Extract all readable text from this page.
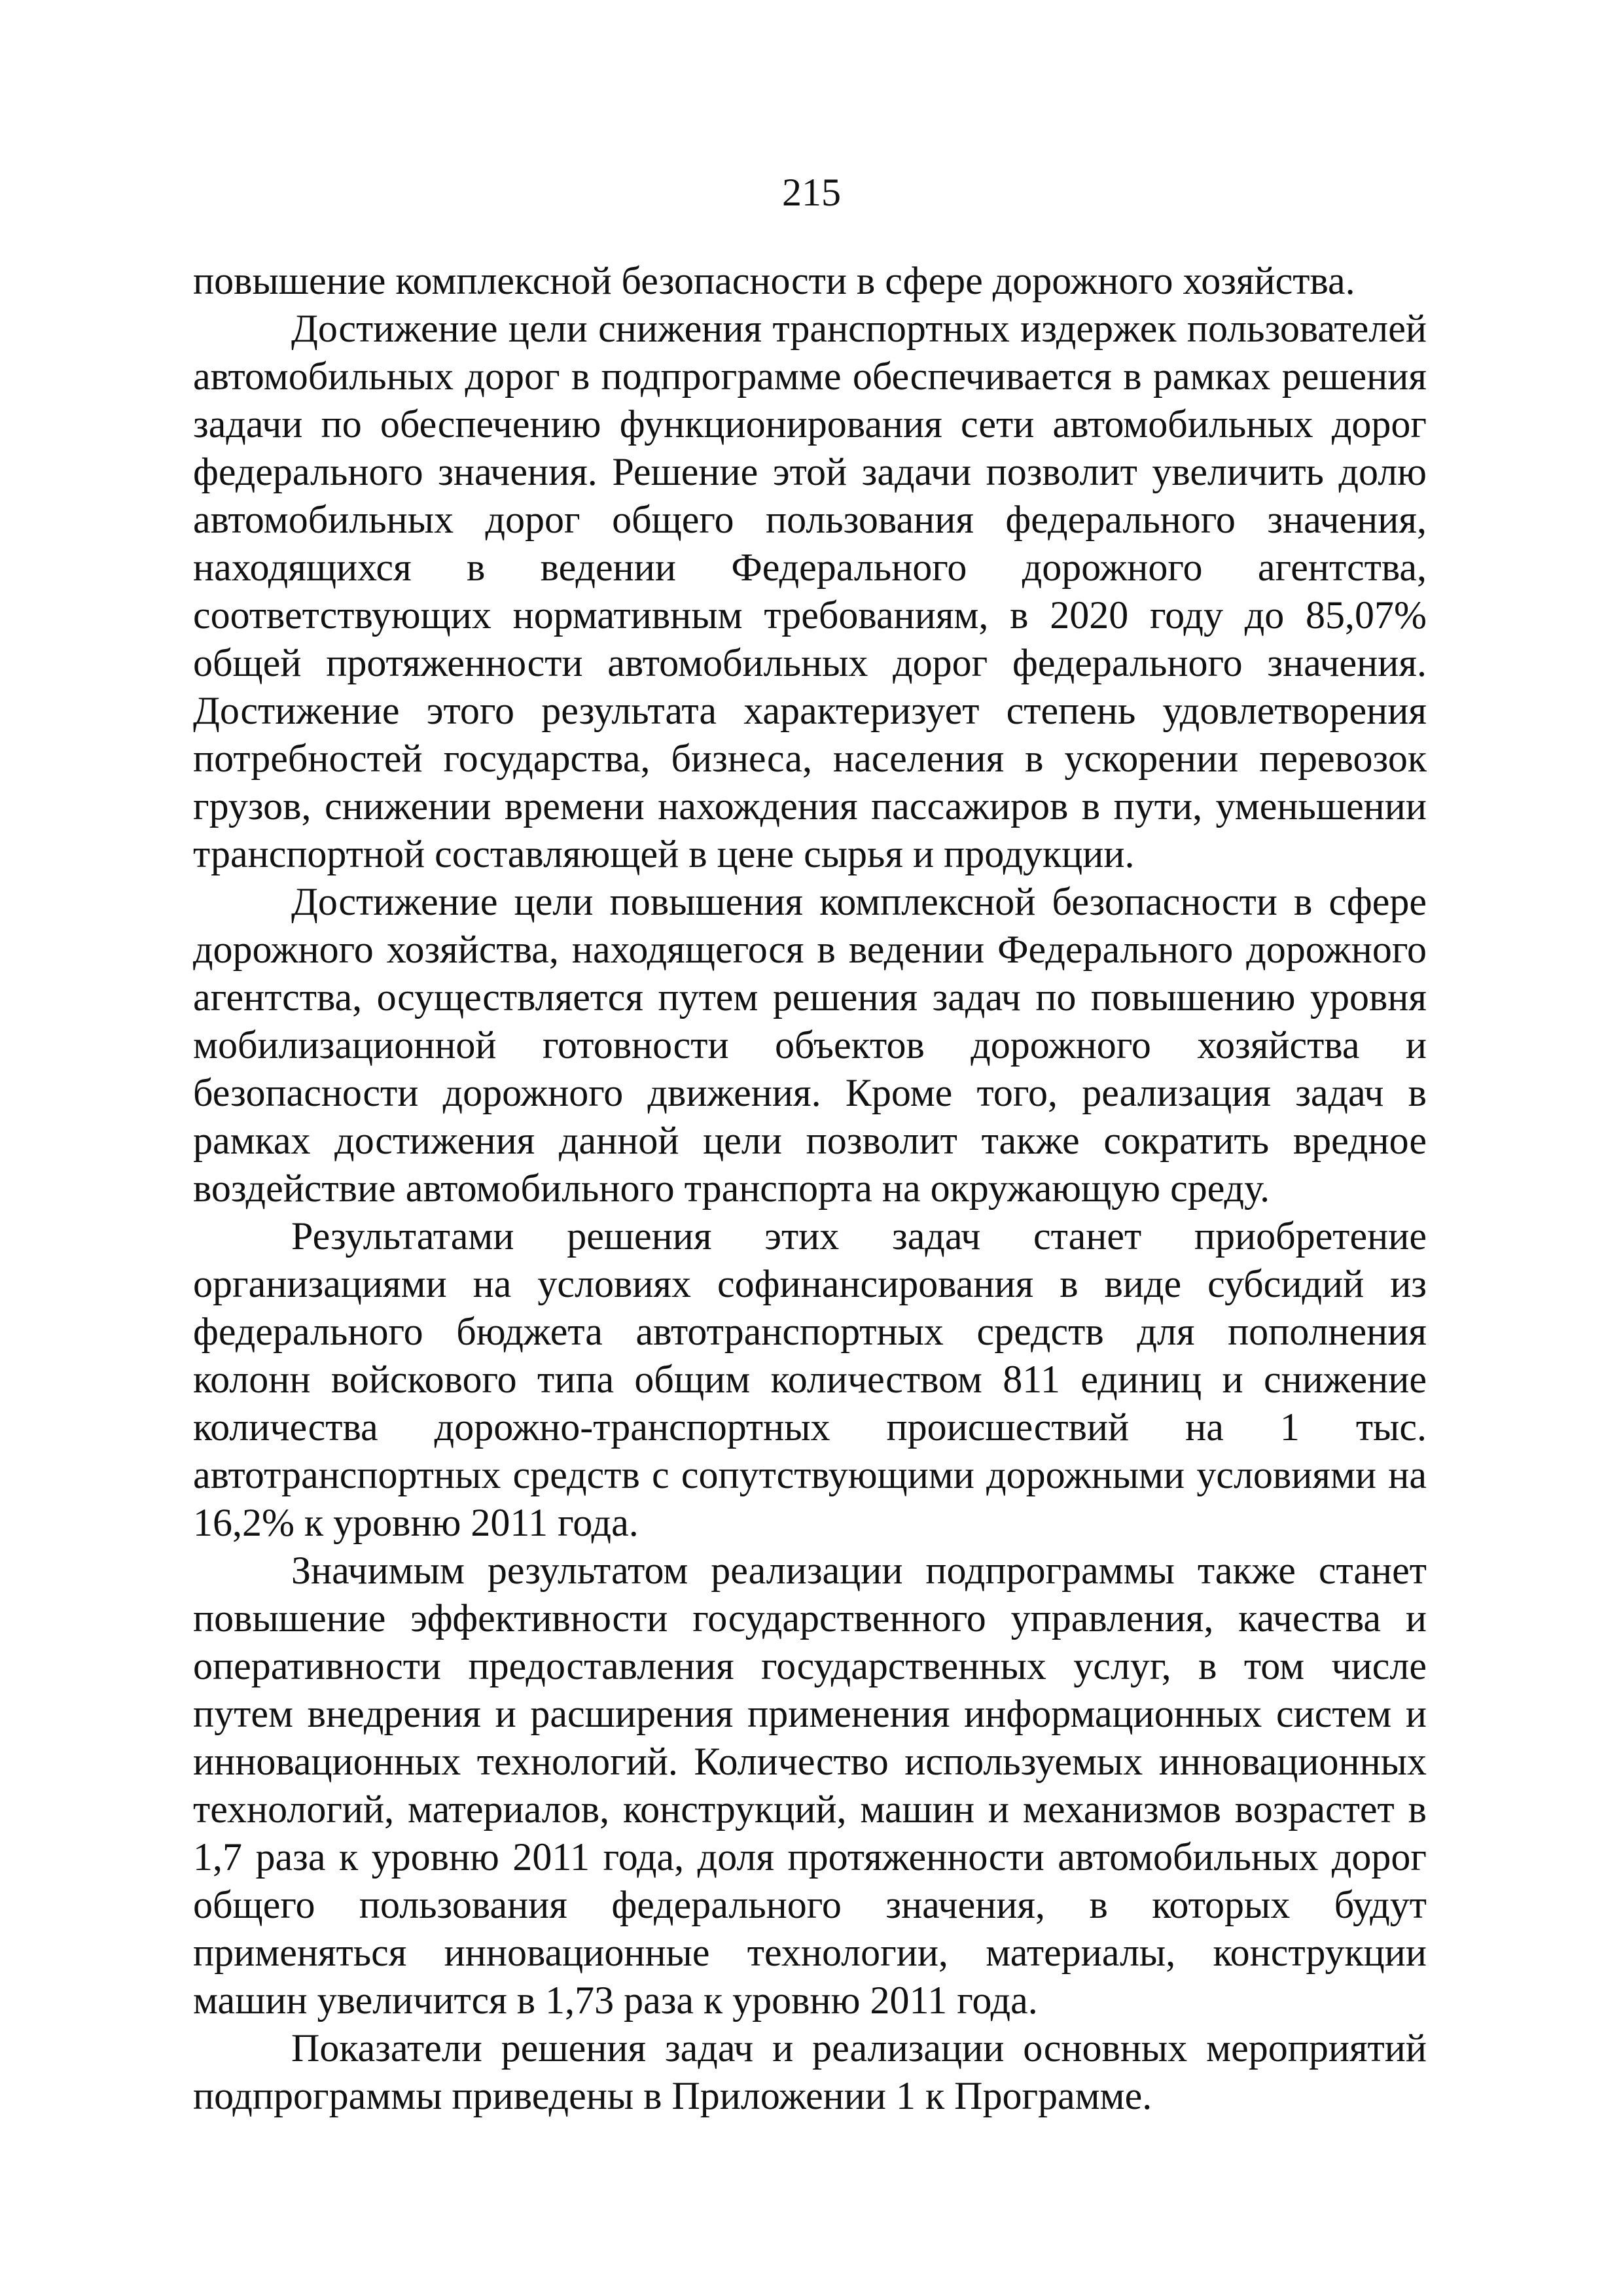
215

повышение комплексной безопасности в сфере дорожного хозяйства.

Достижение цели снижения транспортных издержек пользователей автомобильных дорог в подпрограмме обеспечивается в рамках решения задачи по обеспечению функционирования сети автомобильных дорог федерального значения. Решение этой задачи позволит увеличить долю автомобильных дорог общего пользования федерального значения, находящихся в ведении Федерального дорожного агентства, соответствующих нормативным требованиям, в 2020 году до 85,07% общей протяженности автомобильных дорог федерального значения. Достижение этого результата характеризует степень удовлетворения потребностей государства, бизнеса, населения в ускорении перевозок грузов, снижении времени нахождения пассажиров в пути, уменьшении транспортной составляющей в цене сырья и продукции.

Достижение цели повышения комплексной безопасности в сфере дорожного хозяйства, находящегося в ведении Федерального дорожного агентства, осуществляется путем решения задач по повышению уровня мобилизационной готовности объектов дорожного хозяйства и безопасности дорожного движения. Кроме того, реализация задач в рамках достижения данной цели позволит также сократить вредное воздействие автомобильного транспорта на окружающую среду.

Результатами решения этих задач станет приобретение организациями на условиях софинансирования в виде субсидий из федерального бюджета автотранспортных средств для пополнения колонн войскового типа общим количеством 811 единиц и снижение количества дорожно-транспортных происшествий на 1 тыс. автотранспортных средств с сопутствующими дорожными условиями на 16,2% к уровню 2011 года.

Значимым результатом реализации подпрограммы также станет повышение эффективности государственного управления, качества и оперативности предоставления государственных услуг, в том числе путем внедрения и расширения применения информационных систем и инновационных технологий. Количество используемых инновационных технологий, материалов, конструкций, машин и механизмов возрастет в 1,7 раза к уровню 2011 года, доля протяженности автомобильных дорог общего пользования федерального значения, в которых будут применяться инновационные технологии, материалы, конструкции машин увеличится в 1,73 раза к уровню 2011 года.

Показатели решения задач и реализации основных мероприятий подпрограммы приведены в Приложении 1 к Программе.
